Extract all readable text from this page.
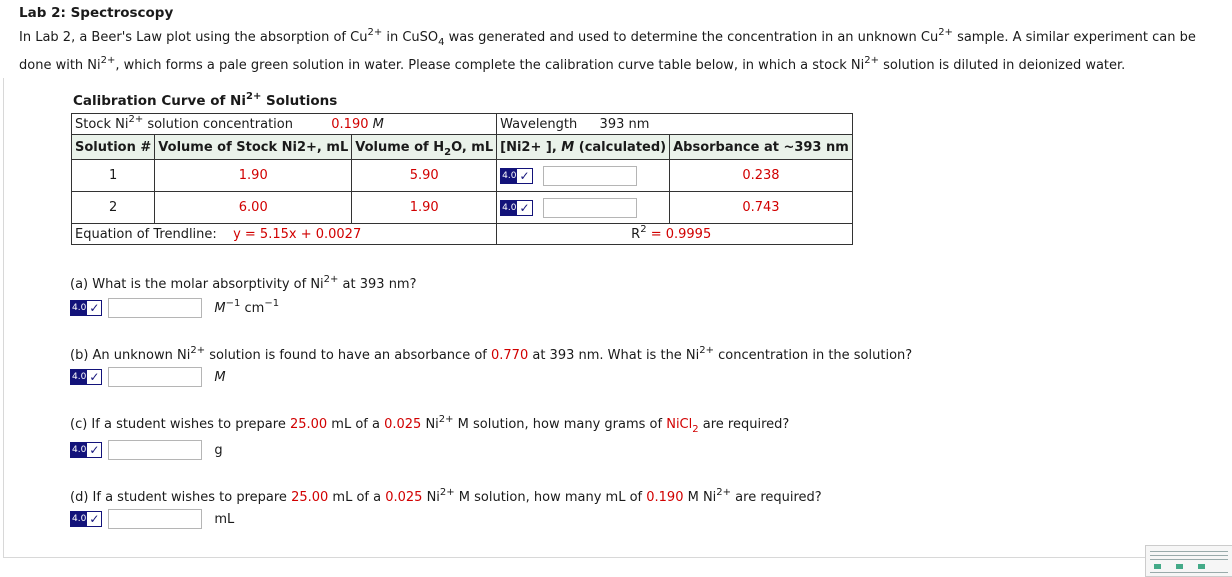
Lab 2: Spectroscopy
In Lab 2, a Beer's Law plot using the absorption of $Cu^{2+}$ in CuSO$_4$ was generated and used to determine the concentration in an unknown $Cu^{2+}$ sample. A similar experiment can be
done with $Ni^{2+}$, which forms a pale green solution in water. Please complete the calibration curve table below, in which a stock $Ni^{2+}$ solution is diluted in deionized water.
Calibration Curve of $Ni^{2+}$ Solutions
Stock $Ni^{2+}$ solution concentration 0.190 M			Wavelength 393 nm	
Solution #	Volume of Stock Ni2+, mL	Volume of $H_2O$, mL	[Ni2+ ], M (calculated)	Absorbance at ~393 nm
1	1.90	5.90	4.0 ✓	0.238
2	6.00	1.90	4.0 ✓	0.743
Equation of Trendline: y = 5.15x + 0.0027			$R^2 = 0.9995$	
(a) What is the molar absorptivity of $Ni^{2+}$ at 393 nm?
4.0 ✓	$M^{-1}$ $cm^{-1}$
(b) An unknown $Ni^{2+}$ solution is found to have an absorbance of 0.770 at 393 nm. What is the $Ni^{2+}$ concentration in the solution?
4.0 ✓	M
(c) If a student wishes to prepare 25.00 mL of a 0.025 $Ni^{2+}$ M solution, how many grams of NiCl$_2$ are required?
4.0 ✓	g
(d) If a student wishes to prepare 25.00 mL of a 0.025 $Ni^{2+}$ M solution, how many mL of 0.190 M $Ni^{2+}$ are required?
4.0 ✓	mL
